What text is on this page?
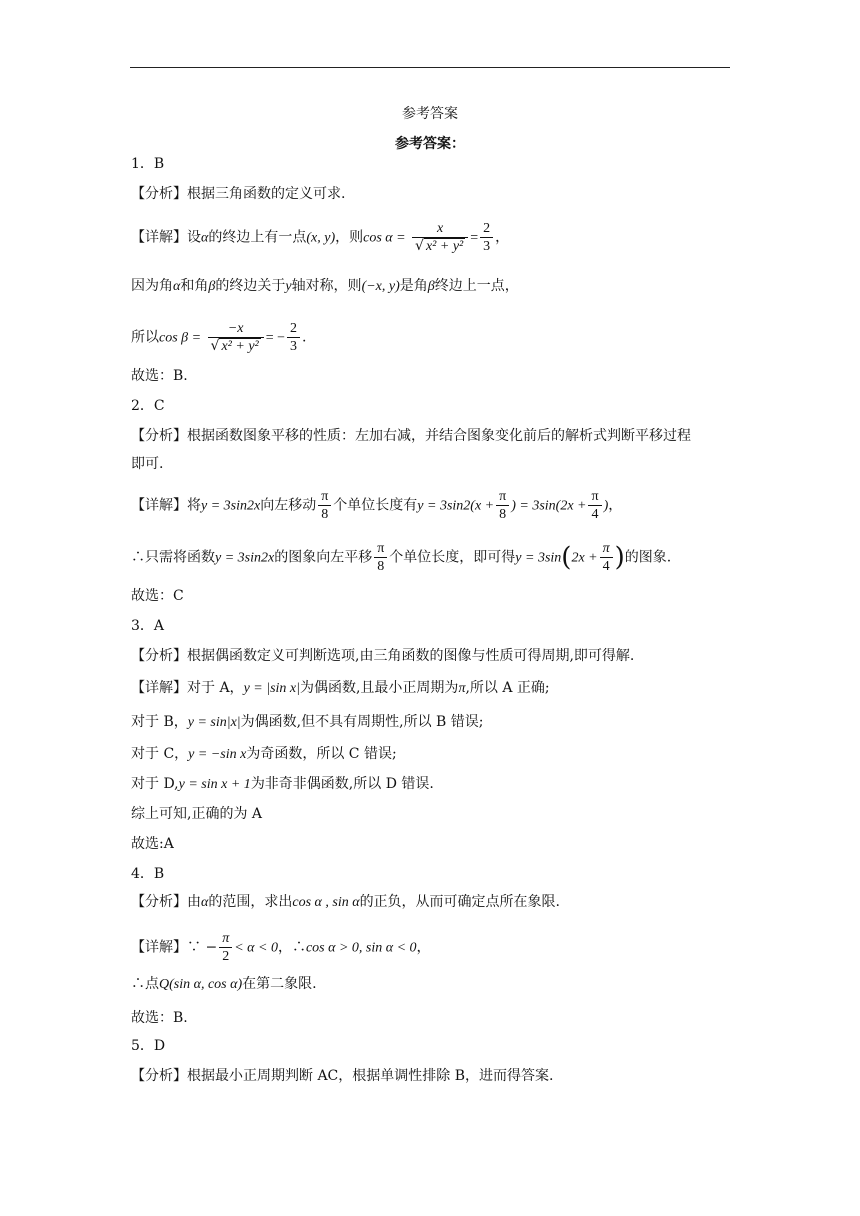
参考答案
参考答案：
1．B
【分析】根据三角函数的定义可求.
【详解】设α的终边上有一点(x, y)，则$\cos \alpha = \frac{x}{\text{√ x² + y²}} = \frac{2}{3}$ ，
因为角α和角β的终边关于y轴对称，则(−x, y)是角β终边上一点，
所以$\cos \beta = \frac{-x}{\text{√ x² + y²}}$ = − $\frac{2}{3}$ .
故选：B.
2．C
【分析】根据函数图象平移的性质：左加右减，并结合图象变化前后的解析式判断平移过程
即可.
【详解】将y = 3sin2x向左移动 $\frac{\pi}{8}$ 个单位长度有$y = 3\sin 2(x + \frac{\pi}{8}$ ) = $3\sin(2x + \frac{\pi}{4}$ )，
∴只需将函数y = 3sin2x的图象向左平移 $\frac{\pi}{8}$ 个单位长度，即可得$y = 3\sin(2x + \frac{\pi}{4}$ )的图象.
故选：C
3．A
【分析】根据偶函数定义可判断选项,由三角函数的图像与性质可得周期,即可得解.
【详解】对于 A，y = |sin x|为偶函数,且最小正周期为π,所以 A 正确;
对于 B，y = sin|x|为偶函数,但不具有周期性,所以 B 错误;
对于 C，y = −sin x为奇函数，所以 C 错误;
对于 D,y = sin x + 1为非奇非偶函数,所以 D 错误.
综上可知,正确的为 A
故选:A
4．B
【分析】由α的范围，求出cos α , sin α的正负，从而可确定点所在象限.
【详解】∵ − $\frac{\pi}{2} < \alpha < 0$，∴cos α > 0, sin α < 0，
∴点Q(sin α, cos α)在第二象限.
故选：B.
5．D
【分析】根据最小正周期判断 AC，根据单调性排除 B，进而得答案.
